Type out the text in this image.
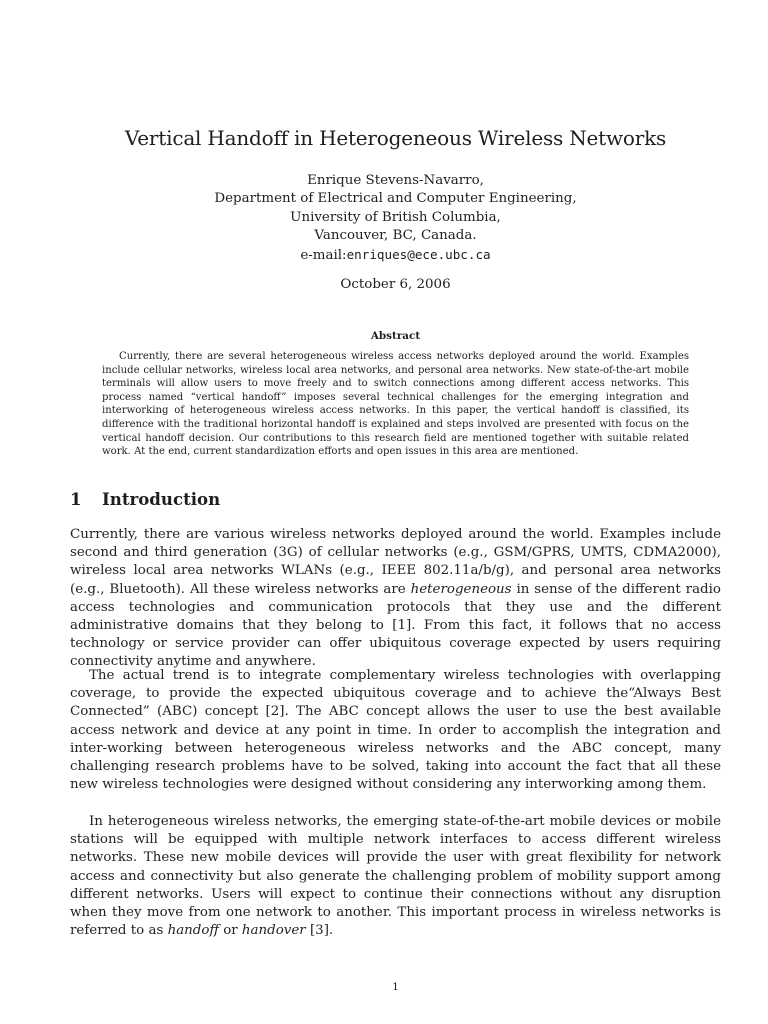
Vertical Handoff in Heterogeneous Wireless Networks
Enrique Stevens-Navarro,
Department of Electrical and Computer Engineering,
University of British Columbia,
Vancouver, BC, Canada.
e-mail:enriques@ece.ubc.ca
October 6, 2006
Abstract
Currently, there are several heterogeneous wireless access networks deployed around the world. Examples include cellular networks, wireless local area networks, and personal area networks. New state-of-the-art mobile terminals will allow users to move freely and to switch connections among different access networks. This process named “vertical handoff” imposes several technical challenges for the emerging integration and interworking of heterogeneous wireless access networks. In this paper, the vertical handoff is classified, its difference with the traditional horizontal handoff is explained and steps involved are presented with focus on the vertical handoff decision. Our contributions to this research field are mentioned together with suitable related work. At the end, current standardization efforts and open issues in this area are mentioned.
1 Introduction
Currently, there are various wireless networks deployed around the world. Examples include second and third generation (3G) of cellular networks (e.g., GSM/GPRS, UMTS, CDMA2000), wireless local area networks WLANs (e.g., IEEE 802.11a/b/g), and personal area networks (e.g., Bluetooth). All these wireless networks are heterogeneous in sense of the different radio access technologies and communication protocols that they use and the different administrative domains that they belong to [1]. From this fact, it follows that no access technology or service provider can offer ubiquitous coverage expected by users requiring connectivity anytime and anywhere.
The actual trend is to integrate complementary wireless technologies with overlapping coverage, to provide the expected ubiquitous coverage and to achieve the“Always Best Connected” (ABC) concept [2]. The ABC concept allows the user to use the best available access network and device at any point in time. In order to accomplish the integration and inter-working between heterogeneous wireless networks and the ABC concept, many challenging research problems have to be solved, taking into account the fact that all these new wireless technologies were designed without considering any interworking among them.
In heterogeneous wireless networks, the emerging state-of-the-art mobile devices or mobile stations will be equipped with multiple network interfaces to access different wireless networks. These new mobile devices will provide the user with great flexibility for network access and connectivity but also generate the challenging problem of mobility support among different networks. Users will expect to continue their connections without any disruption when they move from one network to another. This important process in wireless networks is referred to as handoff or handover [3].
1
